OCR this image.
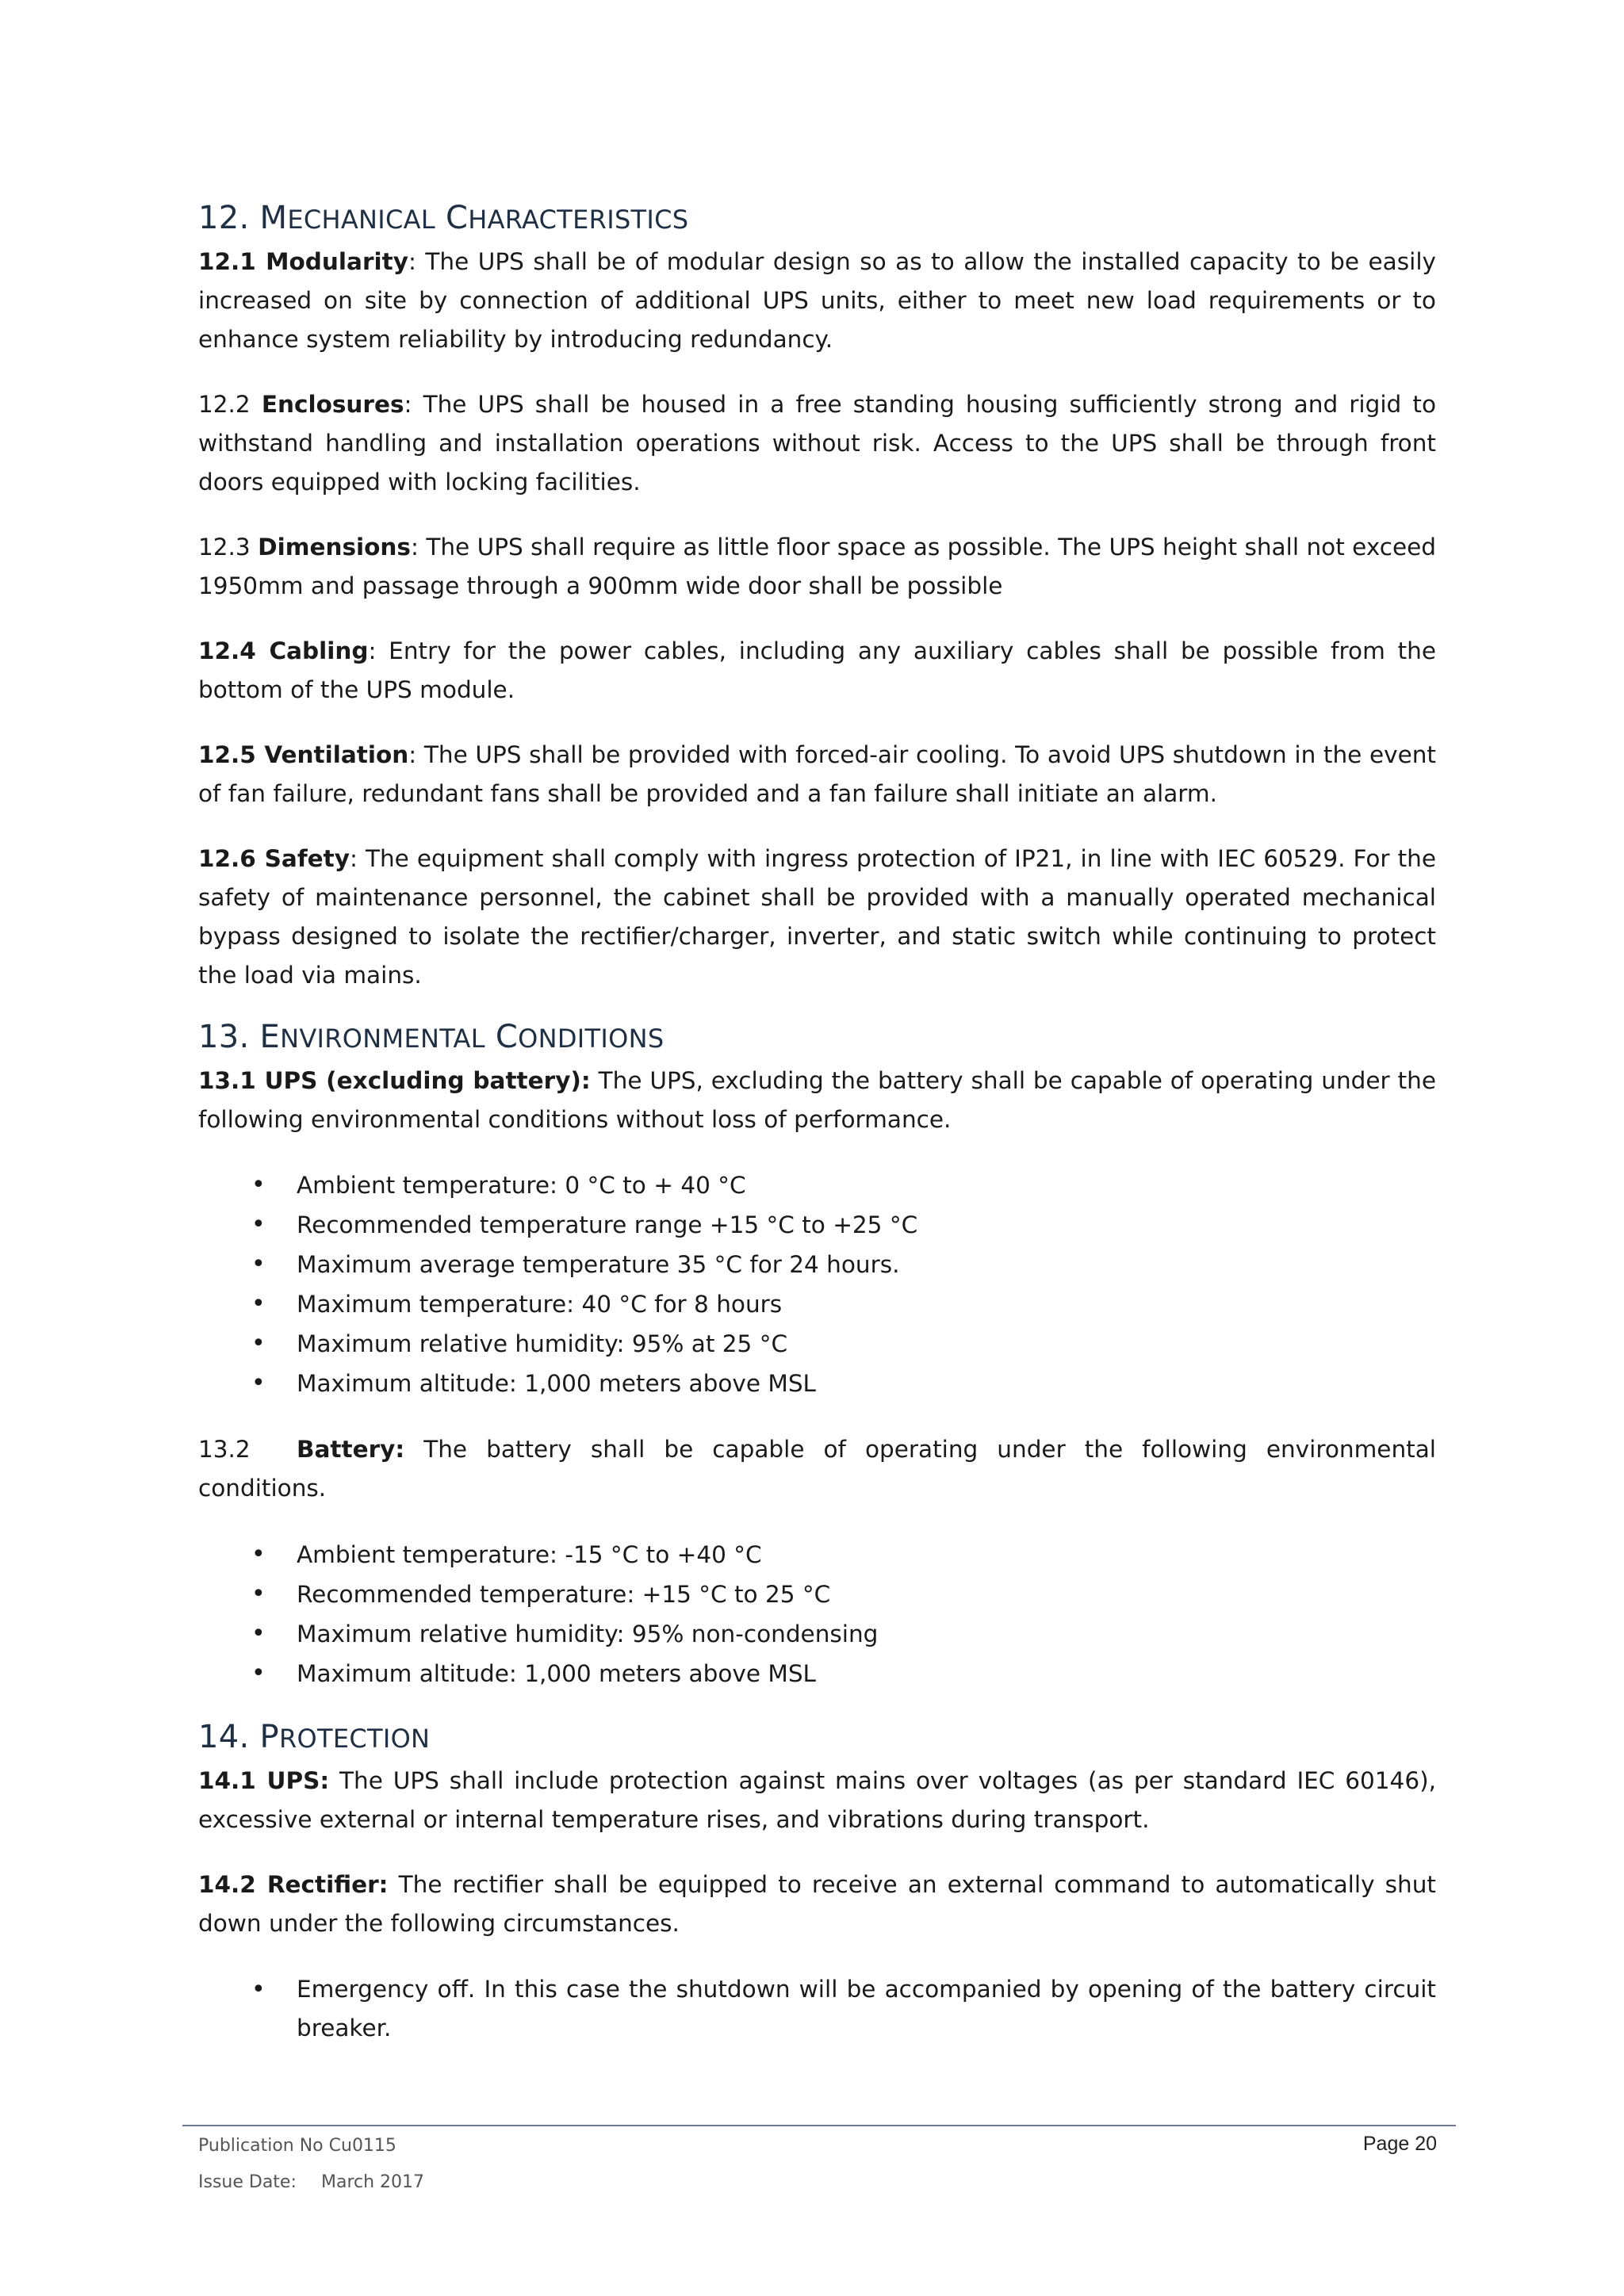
12. MECHANICAL CHARACTERISTICS

12.1 Modularity: The UPS shall be of modular design so as to allow the installed capacity to be easily increased on site by connection of additional UPS units, either to meet new load requirements or to enhance system reliability by introducing redundancy.

12.2 Enclosures: The UPS shall be housed in a free standing housing sufficiently strong and rigid to withstand handling and installation operations without risk. Access to the UPS shall be through front doors equipped with locking facilities.

12.3 Dimensions: The UPS shall require as little floor space as possible. The UPS height shall not exceed 1950mm and passage through a 900mm wide door shall be possible

12.4 Cabling: Entry for the power cables, including any auxiliary cables shall be possible from the bottom of the UPS module.

12.5 Ventilation: The UPS shall be provided with forced-air cooling. To avoid UPS shutdown in the event of fan failure, redundant fans shall be provided and a fan failure shall initiate an alarm.

12.6 Safety: The equipment shall comply with ingress protection of IP21, in line with IEC 60529. For the safety of maintenance personnel, the cabinet shall be provided with a manually operated mechanical bypass designed to isolate the rectifier/charger, inverter, and static switch while continuing to protect the load via mains.

13. ENVIRONMENTAL CONDITIONS

13.1 UPS (excluding battery): The UPS, excluding the battery shall be capable of operating under the following environmental conditions without loss of performance.

• Ambient temperature: 0 °C to + 40 °C
• Recommended temperature range +15 °C to +25 °C
• Maximum average temperature 35 °C for 24 hours.
• Maximum temperature: 40 °C for 8 hours
• Maximum relative humidity: 95% at 25 °C
• Maximum altitude: 1,000 meters above MSL

13.2 Battery: The battery shall be capable of operating under the following environmental conditions.

• Ambient temperature: -15 °C to +40 °C
• Recommended temperature: +15 °C to 25 °C
• Maximum relative humidity: 95% non-condensing
• Maximum altitude: 1,000 meters above MSL
14. PROTECTION

14.1 UPS: The UPS shall include protection against mains over voltages (as per standard IEC 60146), excessive external or internal temperature rises, and vibrations during transport.

14.2 Rectifier: The rectifier shall be equipped to receive an external command to automatically shut down under the following circumstances.

• Emergency off. In this case the shutdown will be accompanied by opening of the battery circuit breaker.
Publication No Cu0115
Issue Date: March 2017
Page 20
